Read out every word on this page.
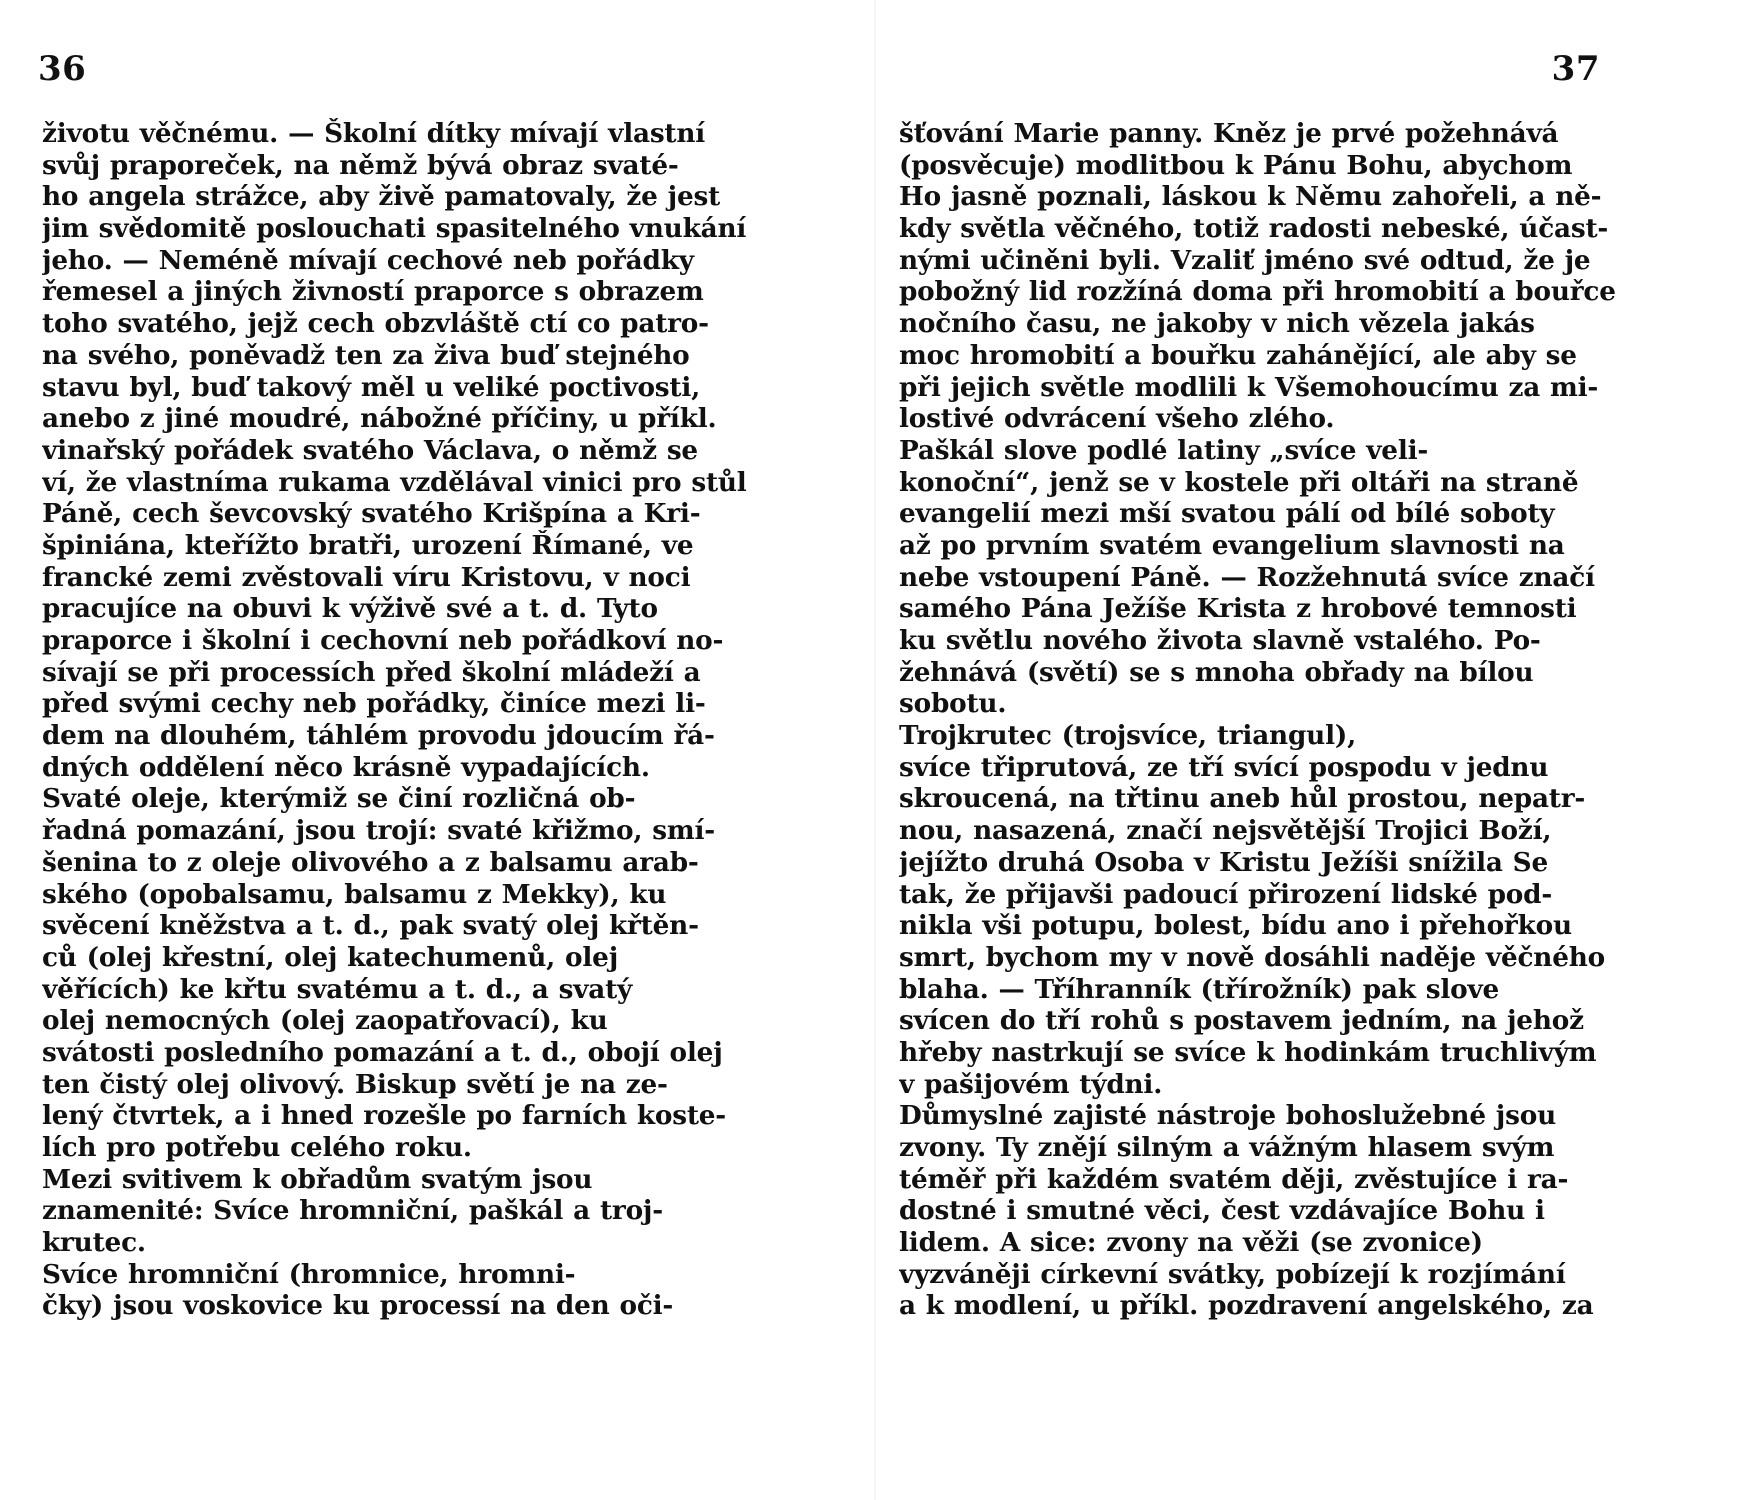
36
životu věčnému. — Školní dítky mívají vlastní
svůj praporeček, na němž bývá obraz svaté-
ho angela strážce, aby živě pamatovaly, že jest
jim svědomitě poslouchati spasitelného vnukání
jeho. — Neméně mívají cechové neb pořádky
řemesel a jiných živností praporce s obrazem
toho svatého, jejž cech obzvláště ctí co patro-
na svého, poněvadž ten za živa buď stejného
stavu byl, buď takový měl u veliké poctivosti,
anebo z jiné moudré, nábožné příčiny, u příkl.
vinařský pořádek svatého Václava, o němž se
ví, že vlastníma rukama vzdělával vinici pro stůl
Páně, cech ševcovský svatého Krišpína a Kri-
špiniána, kteřížto bratři, urození Římané, ve
francké zemi zvěstovali víru Kristovu, v noci
pracujíce na obuvi k výživě své a t. d. Tyto
praporce i školní i cechovní neb pořádkoví no-
sívají se při processích před školní mládeží a
před svými cechy neb pořádky, činíce mezi li-
dem na dlouhém, táhlém provodu jdoucím řá-
dných oddělení něco krásně vypadajících.
Svaté oleje, kterýmiž se činí rozličná ob-
řadná pomazání, jsou trojí: svaté křižmo, smí-
šenina to z oleje olivového a z balsamu arab-
ského (opobalsamu, balsamu z Mekky), ku
svěcení kněžstva a t. d., pak svatý olej křtěn-
ců (olej křestní, olej katechumenů, olej
věřících) ke křtu svatému a t. d., a svatý
olej nemocných (olej zaopatřovací), ku
svátosti posledního pomazání a t. d., obojí olej
ten čistý olej olivový. Biskup světí je na ze-
lený čtvrtek, a i hned rozešle po farních koste-
lích pro potřebu celého roku.
Mezi svitivem k obřadům svatým jsou
znamenité: Svíce hromniční, paškál a troj-
krutec.
Svíce hromniční (hromnice, hromni-
čky) jsou voskovice ku processí na den oči-
37
šťování Marie panny. Kněz je prvé požehnává
(posvěcuje) modlitbou k Pánu Bohu, abychom
Ho jasně poznali, láskou k Němu zahořeli, a ně-
kdy světla věčného, totiž radosti nebeské, účast-
nými učiněni byli. Vzaliť jméno své odtud, že je
pobožný lid rozžíná doma při hromobití a bouřce
nočního času, ne jakoby v nich vězela jakás
moc hromobití a bouřku zahánějící, ale aby se
při jejich světle modlili k Všemohoucímu za mi-
lostivé odvrácení všeho zlého.
Paškál slove podlé latiny „svíce veli-
konoční“, jenž se v kostele při oltáři na straně
evangelií mezi mší svatou pálí od bílé soboty
až po prvním svatém evangelium slavnosti na
nebe vstoupení Páně. — Rozžehnutá svíce značí
samého Pána Ježíše Krista z hrobové temnosti
ku světlu nového života slavně vstalého. Po-
žehnává (světí) se s mnoha obřady na bílou
sobotu.
Trojkrutec (trojsvíce, triangul),
svíce třiprutová, ze tří svící pospodu v jednu
skroucená, na třtinu aneb hůl prostou, nepatr-
nou, nasazená, značí nejsvětější Trojici Boží,
jejížto druhá Osoba v Kristu Ježíši snížila Se
tak, že přijavši padoucí přirození lidské pod-
nikla vši potupu, bolest, bídu ano i přehořkou
smrt, bychom my v nově dosáhli naděje věčného
blaha. — Tříhranník (třírožník) pak slove
svícen do tří rohů s postavem jedním, na jehož
hřeby nastrkují se svíce k hodinkám truchlivým
v pašijovém týdni.
Důmyslné zajisté nástroje bohoslužebné jsou
zvony. Ty znějí silným a vážným hlasem svým
téměř při každém svatém ději, zvěstujíce i ra-
dostné i smutné věci, čest vzdávajíce Bohu i
lidem. A sice: zvony na věži (se zvonice)
vyzváněji církevní svátky, pobízejí k rozjímání
a k modlení, u příkl. pozdravení angelského, za
